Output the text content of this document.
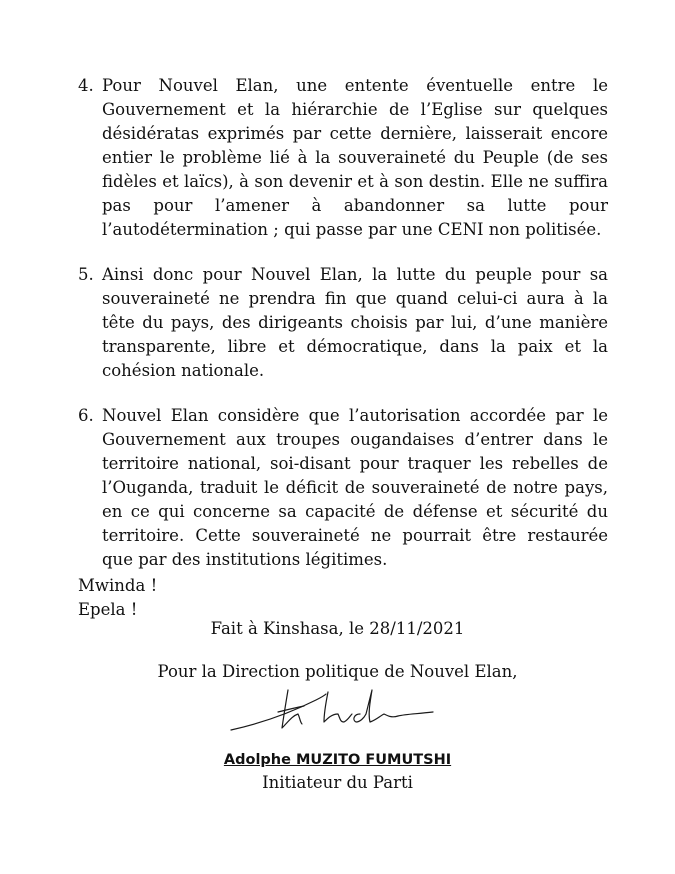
4. Pour Nouvel Elan, une entente éventuelle entre le Gouvernement et la hiérarchie de l’Eglise sur quelques désidératas exprimés par cette dernière, laisserait encore entier le problème lié à la souveraineté du Peuple (de ses fidèles et laïcs), à son devenir et à son destin. Elle ne suffira pas pour l’amener à abandonner sa lutte pour l’autodétermination ; qui passe par une CENI non politisée.
5. Ainsi donc pour Nouvel Elan, la lutte du peuple pour sa souveraineté ne prendra fin que quand celui-ci aura à la tête du pays, des dirigeants choisis par lui, d’une manière transparente, libre et démocratique, dans la paix et la cohésion nationale.
6. Nouvel Elan considère que l’autorisation accordée par le Gouvernement aux troupes ougandaises d’entrer dans le territoire national, soi-disant pour traquer les rebelles de l’Ouganda, traduit le déficit de souveraineté de notre pays, en ce qui concerne sa capacité de défense et sécurité du territoire. Cette souveraineté ne pourrait être restaurée que par des institutions légitimes.
Mwinda !
Epela !
Fait à Kinshasa, le 28/11/2021
Pour la Direction politique de Nouvel Elan,
Adolphe MUZITO FUMUTSHI
Initiateur du Parti
